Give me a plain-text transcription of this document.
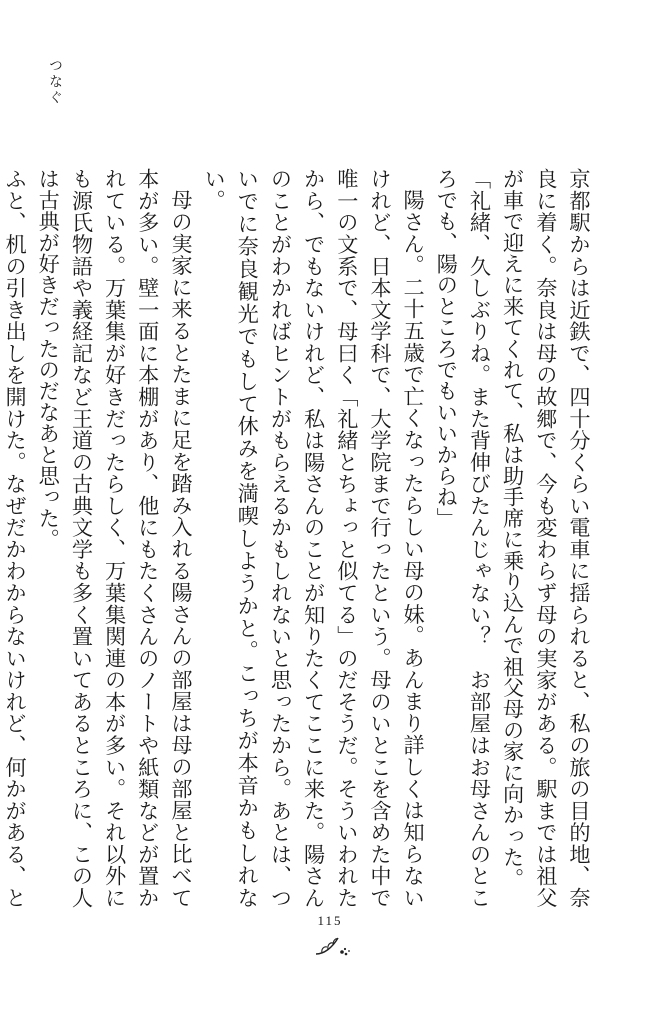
つなぐ

京都駅からは近鉄で、四十分くらい電車に揺られると、私の旅の目的地、奈良に着く。奈良は母の故郷で、今も変わらず母の実家がある。駅までは祖父が車で迎えに来てくれて、私は助手席に乗り込んで祖父母の家に向かった。

「礼緒、久しぶりね。また背伸びたんじゃない？　お部屋はお母さんのところでも、陽のところでもいいからね」

陽さん。二十五歳で亡くなったらしい母の妹。あんまり詳しくは知らないけれど、日本文学科で、大学院まで行ったという。母のいとこを含めた中で唯一の文系で、母曰く「礼緒とちょっと似てる」のだそうだ。そういわれたから、でもないけれど、私は陽さんのことが知りたくてここに来た。陽さんのことがわかればヒントがもらえるかもしれないと思ったから。あとは、ついでに奈良観光でもして休みを満喫しようかと。こっちが本音かもしれない。

母の実家に来るとたまに足を踏み入れる陽さんの部屋は母の部屋と比べて本が多い。壁一面に本棚があり、他にもたくさんのノートや紙類などが置かれている。万葉集が好きだったらしく、万葉集関連の本が多い。それ以外にも源氏物語や義経記など王道の古典文学も多く置いてあるところに、この人は古典が好きだったのだなあと思った。

ふと、机の引き出しを開けた。なぜだかわからないけれど、何かがある、と

115
